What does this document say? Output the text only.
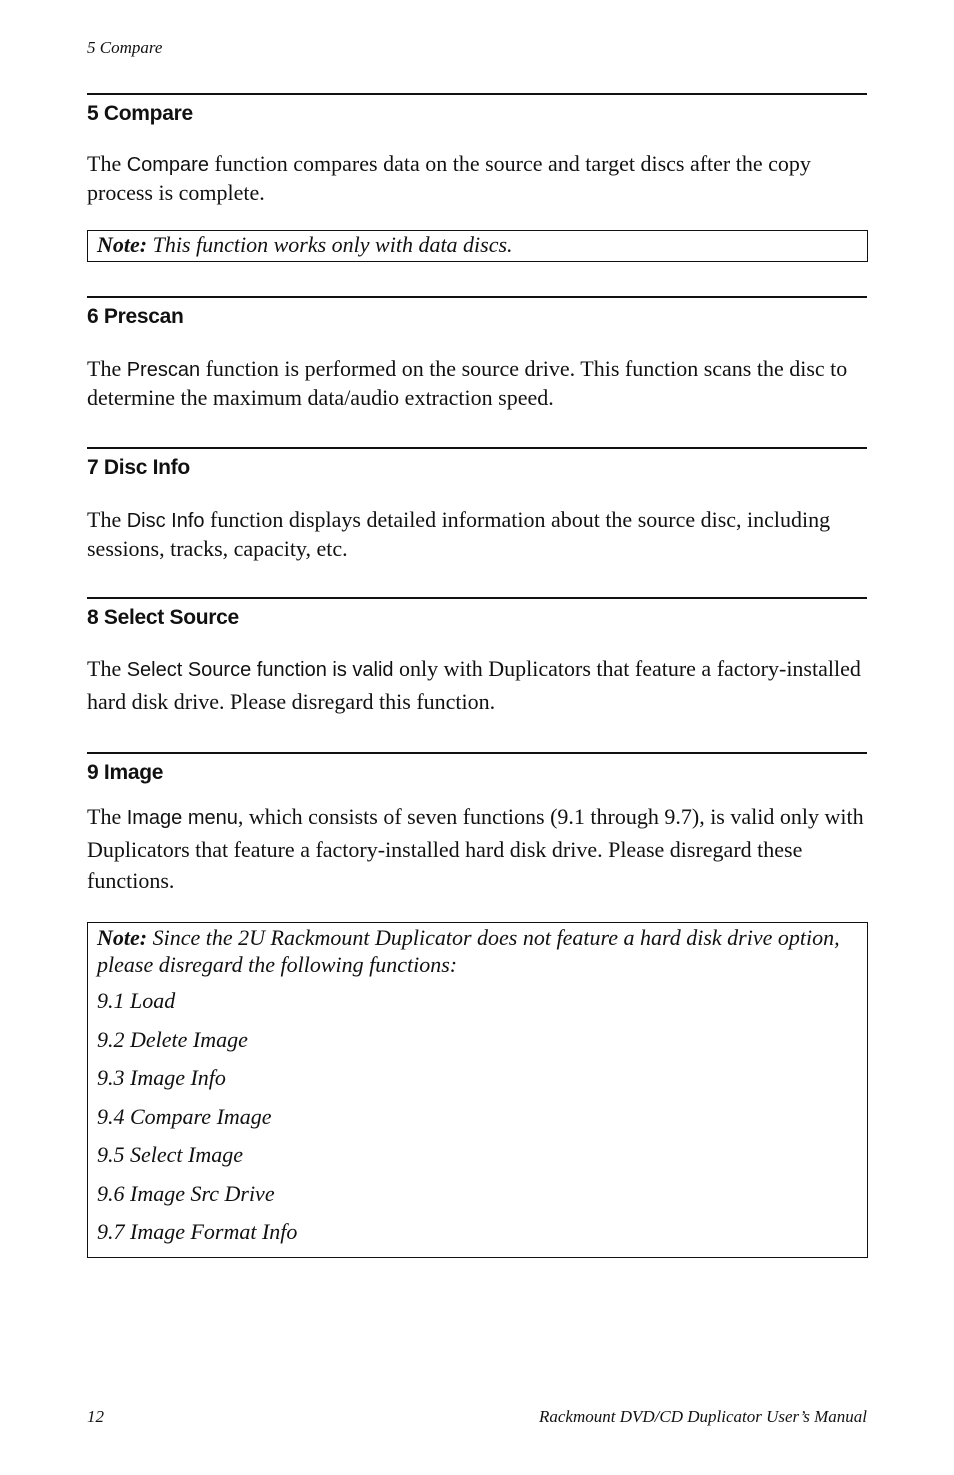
5 Compare
5 Compare
The Compare function compares data on the source and target discs after the copy process is complete.
Note: This function works only with data discs.
6 Prescan
The Prescan function is performed on the source drive. This function scans the disc to determine the maximum data/audio extraction speed.
7 Disc Info
The Disc Info function displays detailed information about the source disc, including sessions, tracks, capacity, etc.
8 Select Source
The Select Source function is valid only with Duplicators that feature a factory-installed hard disk drive. Please disregard this function.
9 Image
The Image menu, which consists of seven functions (9.1 through 9.7), is valid only with Duplicators that feature a factory-installed hard disk drive. Please disregard these functions.
Note: Since the 2U Rackmount Duplicator does not feature a hard disk drive option, please disregard the following functions:
9.1 Load
9.2 Delete Image
9.3 Image Info
9.4 Compare Image
9.5 Select Image
9.6 Image Src Drive
9.7 Image Format Info
12	Rackmount DVD/CD Duplicator User’s Manual
